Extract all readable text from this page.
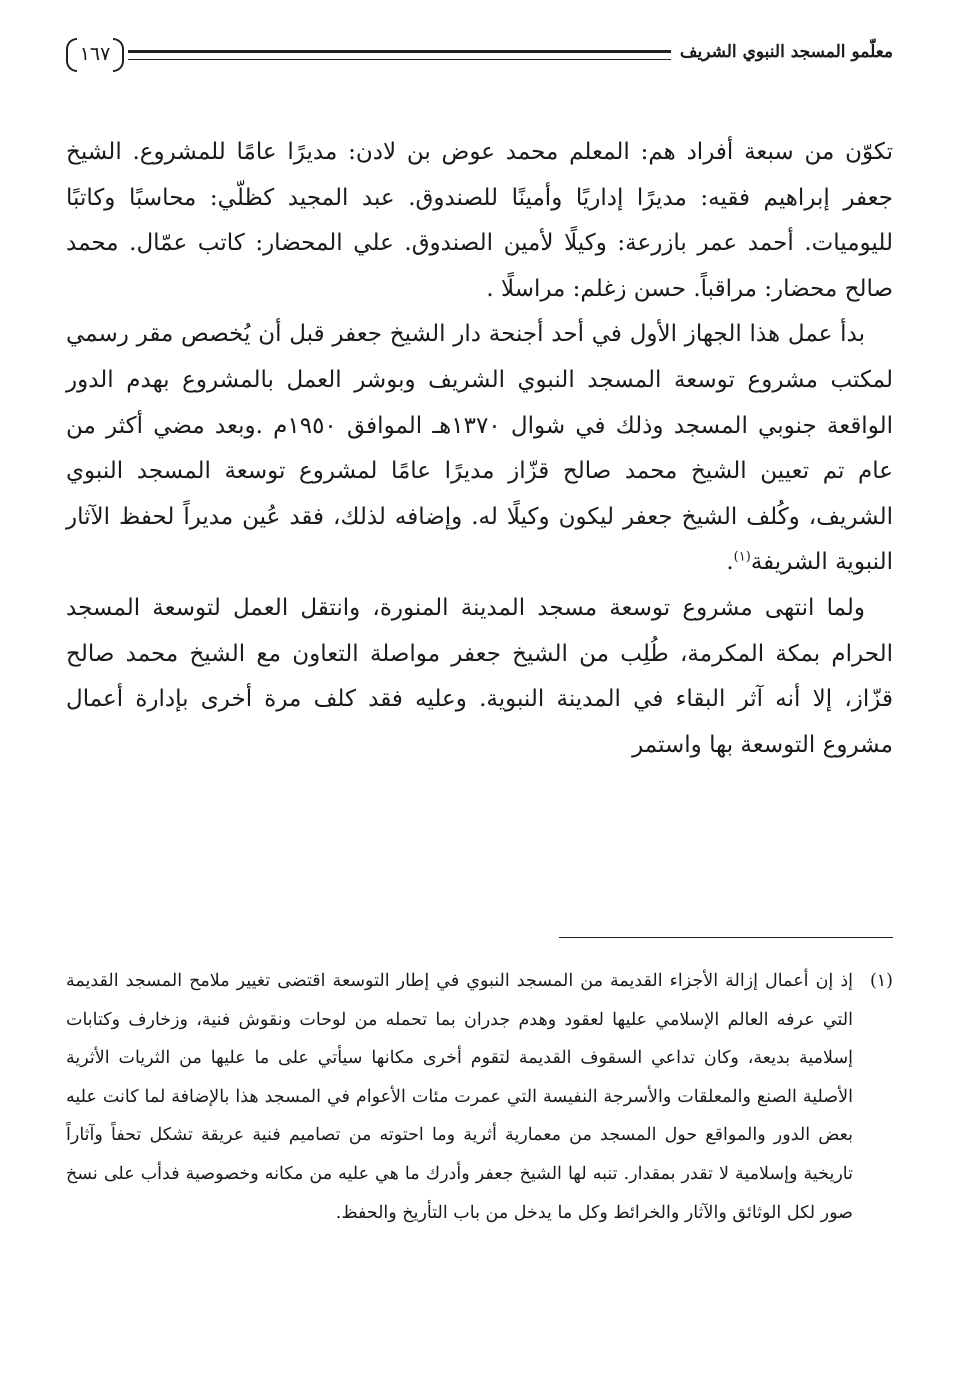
١٦٧	معلّمو المسجد النبوي الشريف

تكوّن من سبعة أفراد هم: المعلم محمد عوض بن لادن: مديرًا عامًا للمشروع. الشيخ جعفر إبراهيم فقيه: مديرًا إداريًا وأمينًا للصندوق. عبد المجيد كظلّي: محاسبًا وكاتبًا لليوميات. أحمد عمر بازرعة: وكيلًا لأمين الصندوق. علي المحضار: كاتب عمّال. محمد صالح محضار: مراقباً. حسن زغلم: مراسلًا .

بدأ عمل هذا الجهاز الأول في أحد أجنحة دار الشيخ جعفر قبل أن يُخصص مقر رسمي لمكتب مشروع توسعة المسجد النبوي الشريف وبوشر العمل بالمشروع بهدم الدور الواقعة جنوبي المسجد وذلك في شوال ١٣٧٠هـ الموافق ١٩٥٠م .وبعد مضي أكثر من عام تم تعيين الشيخ محمد صالح قزّاز مديرًا عامًا لمشروع توسعة المسجد النبوي الشريف، وكُلف الشيخ جعفر ليكون وكيلًا له. وإضافه لذلك، فقد عُين مديراً لحفظ الآثار النبوية الشريفة$^{(١)}$.

ولما انتهى مشروع توسعة مسجد المدينة المنورة، وانتقل العمل لتوسعة المسجد الحرام بمكة المكرمة، طُلِب من الشيخ جعفر مواصلة التعاون مع الشيخ محمد صالح قزّاز، إلا أنه آثر البقاء في المدينة النبوية. وعليه فقد كلف مرة أخرى بإدارة أعمال مشروع التوسعة بها واستمر

(١)
إذ إن أعمال إزالة الأجزاء القديمة من المسجد النبوي في إطار التوسعة اقتضى تغيير ملامح المسجد القديمة التي عرفه العالم الإسلامي عليها لعقود وهدم جدران بما تحمله من لوحات ونقوش فنية، وزخارف وكتابات إسلامية بديعة، وكان تداعي السقوف القديمة لتقوم أخرى مكانها سيأتي على ما عليها من الثريات الأثرية الأصلية الصنع والمعلقات والأسرجة النفيسة التي عمرت مئات الأعوام في المسجد هذا بالإضافة لما كانت عليه بعض الدور والمواقع حول المسجد من معمارية أثرية وما احتوته من تصاميم فنية عريقة تشكل تحفاً وآثاراً تاريخية وإسلامية لا تقدر بمقدار. تنبه لها الشيخ جعفر وأدرك ما هي عليه من مكانه وخصوصية فدأب على نسخ صور لكل الوثائق والآثار والخرائط وكل ما يدخل من باب التأريخ والحفظ.
